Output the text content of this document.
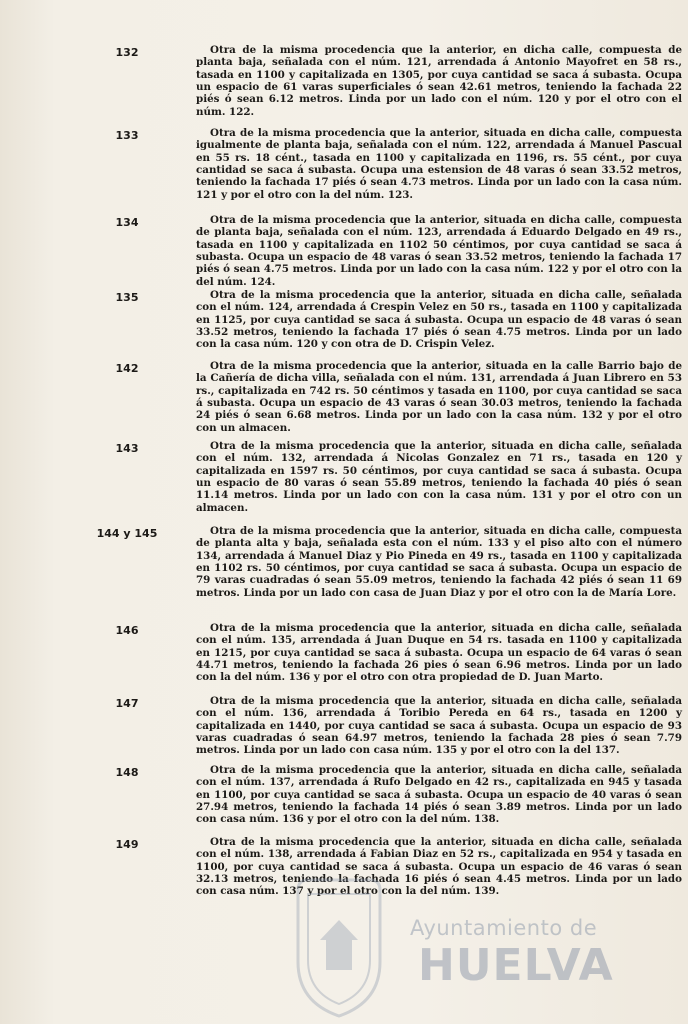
132	Otra de la misma procedencia que la anterior, en dicha calle, compuesta de planta baja, señalada con el núm. 121, arrendada á Antonio Mayofret en 58 rs., tasada en 1100 y capitalizada en 1305, por cuya cantidad se saca á subasta. Ocupa un espacio de 61 varas superficiales ó sean 42.61 metros, teniendo la fachada 22 piés ó sean 6.12 metros. Linda por un lado con el núm. 120 y por el otro con el núm. 122.
133	Otra de la misma procedencia que la anterior, situada en dicha calle, compuesta igualmente de planta baja, señalada con el núm. 122, arrendada á Manuel Pascual en 55 rs. 18 cént., tasada en 1100 y capitalizada en 1196, rs. 55 cént., por cuya cantidad se saca á subasta. Ocupa una estension de 48 varas ó sean 33.52 metros, teniendo la fachada 17 piés ó sean 4.73 metros. Linda por un lado con la casa núm. 121 y por el otro con la del núm. 123.
134	Otra de la misma procedencia que la anterior, situada en dicha calle, compuesta de planta baja, señalada con el núm. 123, arrendada á Eduardo Delgado en 49 rs., tasada en 1100 y capitalizada en 1102 50 céntimos, por cuya cantidad se saca á subasta. Ocupa un espacio de 48 varas ó sean 33.52 metros, teniendo la fachada 17 piés ó sean 4.75 metros. Linda por un lado con la casa núm. 122 y por el otro con la del núm. 124.
135	Otra de la misma procedencia que la anterior, situada en dicha calle, señalada con el núm. 124, arrendada á Crespin Velez en 50 rs., tasada en 1100 y capitalizada en 1125, por cuya cantidad se saca á subasta. Ocupa un espacio de 48 varas ó sean 33.52 metros, teniendo la fachada 17 piés ó sean 4.75 metros. Linda por un lado con la casa núm. 120 y con otra de D. Crispin Velez.
142	Otra de la misma procedencia que la anterior, situada en la calle Barrio bajo de la Cañería de dicha villa, señalada con el núm. 131, arrendada á Juan Librero en 53 rs., capitalizada en 742 rs. 50 céntimos y tasada en 1100, por cuya cantidad se saca á subasta. Ocupa un espacio de 43 varas ó sean 30.03 metros, teniendo la fachada 24 piés ó sean 6.68 metros. Linda por un lado con la casa núm. 132 y por el otro con un almacen.
143	Otra de la misma procedencia que la anterior, situada en dicha calle, señalada con el núm. 132, arrendada á Nicolas Gonzalez en 71 rs., tasada en 120 y capitalizada en 1597 rs. 50 céntimos, por cuya cantidad se saca á subasta. Ocupa un espacio de 80 varas ó sean 55.89 metros, teniendo la fachada 40 piés ó sean 11.14 metros. Linda por un lado con con la casa núm. 131 y por el otro con un almacen.
144 y 145	Otra de la misma procedencia que la anterior, situada en dicha calle, compuesta de planta alta y baja, señalada esta con el núm. 133 y el piso alto con el número 134, arrendada á Manuel Diaz y Pio Pineda en 49 rs., tasada en 1100 y capitalizada en 1102 rs. 50 céntimos, por cuya cantidad se saca á subasta. Ocupa un espacio de 79 varas cuadradas ó sean 55.09 metros, teniendo la fachada 42 piés ó sean 11 69 metros. Linda por un lado con casa de Juan Diaz y por el otro con la de María Lore.
146	Otra de la misma procedencia que la anterior, situada en dicha calle, señalada con el núm. 135, arrendada á Juan Duque en 54 rs. tasada en 1100 y capitalizada en 1215, por cuya cantidad se saca á subasta. Ocupa un espacio de 64 varas ó sean 44.71 metros, teniendo la fachada 26 pies ó sean 6.96 metros. Linda por un lado con la del núm. 136 y por el otro con otra propiedad de D. Juan Marto.
147	Otra de la misma procedencia que la anterior, situada en dicha calle, señalada con el núm. 136, arrendada á Toribio Pereda en 64 rs., tasada en 1200 y capitalizada en 1440, por cuya cantidad se saca á subasta. Ocupa un espacio de 93 varas cuadradas ó sean 64.97 metros, teniendo la fachada 28 pies ó sean 7.79 metros. Linda por un lado con casa núm. 135 y por el otro con la del 137.
148	Otra de la misma procedencia que la anterior, situada en dicha calle, señalada con el núm. 137, arrendada á Rufo Delgado en 42 rs., capitalizada en 945 y tasada en 1100, por cuya cantidad se saca á subasta. Ocupa un espacio de 40 varas ó sean 27.94 metros, teniendo la fachada 14 piés ó sean 3.89 metros. Linda por un lado con casa núm. 136 y por el otro con la del núm. 138.
149	Otra de la misma procedencia que la anterior, situada en dicha calle, señalada con el núm. 138, arrendada á Fabian Diaz en 52 rs., capitalizada en 954 y tasada en 1100, por cuya cantidad se saca á subasta. Ocupa un espacio de 46 varas ó sean 32.13 metros, teniendo la fachada 16 piés ó sean 4.45 metros. Linda por un lado con casa núm. 137 y por el otro con la del núm. 139.
Ayuntamiento de
HUELVA
